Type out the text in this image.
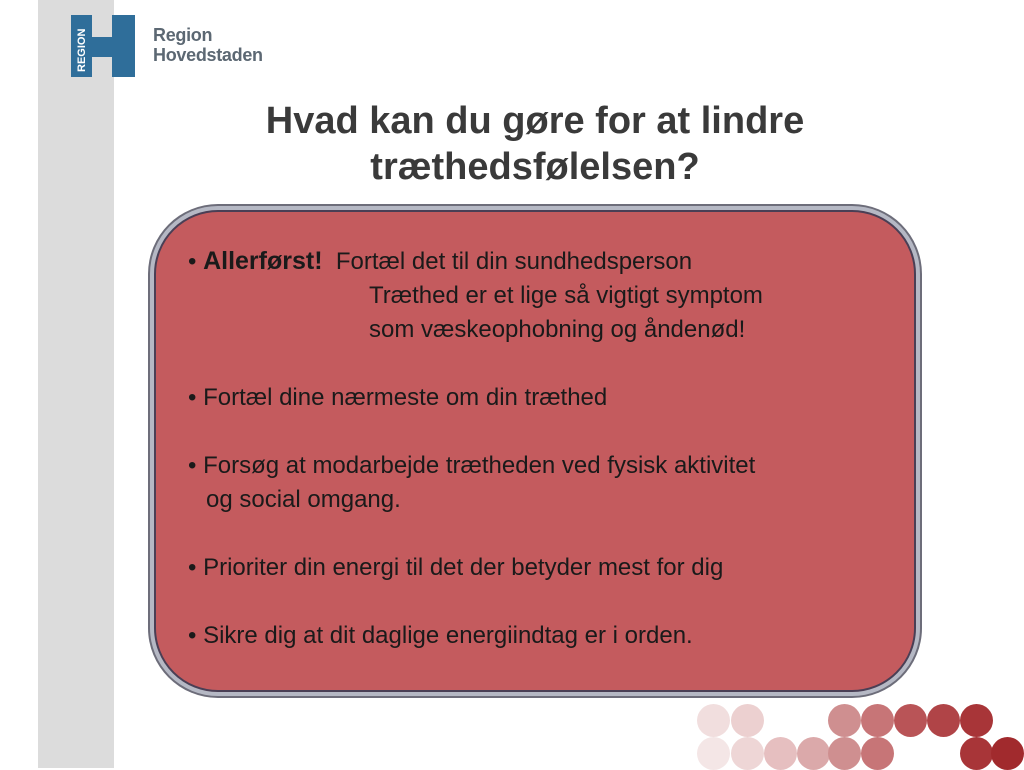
REGION	Region
Hovedstaden
Hvad kan du gøre for at lindre
træthedsfølelsen?
• Allerførst! Fortæl det til din sundhedsperson
Træthed er et lige så vigtigt symptom
som væskeophobning og åndenød!
• Fortæl dine nærmeste om din træthed
• Forsøg at modarbejde trætheden ved fysisk aktivitet
og social omgang.
• Prioriter din energi til det der betyder mest for dig
• Sikre dig at dit daglige energiindtag er i orden.
